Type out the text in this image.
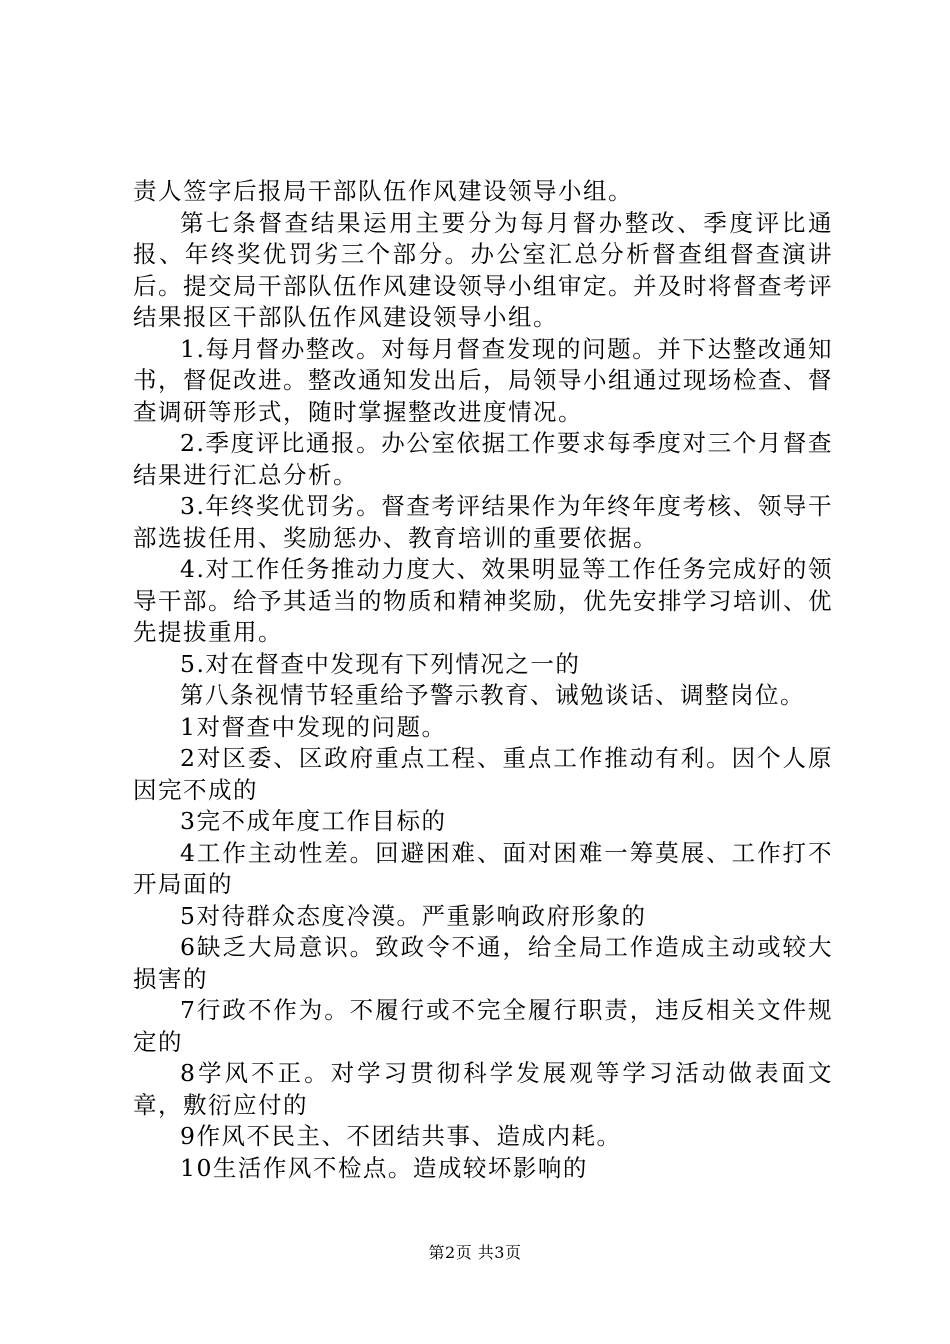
责人签字后报局干部队伍作风建设领导小组。

第七条督查结果运用主要分为每月督办整改、季度评比通报、年终奖优罚劣三个部分。办公室汇总分析督查组督查演讲后。提交局干部队伍作风建设领导小组审定。并及时将督查考评结果报区干部队伍作风建设领导小组。

1.每月督办整改。对每月督查发现的问题。并下达整改通知书，督促改进。整改通知发出后，局领导小组通过现场检查、督查调研等形式，随时掌握整改进度情况。

2.季度评比通报。办公室依据工作要求每季度对三个月督查结果进行汇总分析。

3.年终奖优罚劣。督查考评结果作为年终年度考核、领导干部选拔任用、奖励惩办、教育培训的重要依据。

4.对工作任务推动力度大、效果明显等工作任务完成好的领导干部。给予其适当的物质和精神奖励，优先安排学习培训、优先提拔重用。

5.对在督查中发现有下列情况之一的

第八条视情节轻重给予警示教育、诫勉谈话、调整岗位。

1对督查中发现的问题。

2对区委、区政府重点工程、重点工作推动有利。因个人原因完不成的

3完不成年度工作目标的

4工作主动性差。回避困难、面对困难一筹莫展、工作打不开局面的

5对待群众态度冷漠。严重影响政府形象的

6缺乏大局意识。致政令不通，给全局工作造成主动或较大损害的

7行政不作为。不履行或不完全履行职责，违反相关文件规定的

8学风不正。对学习贯彻科学发展观等学习活动做表面文章，敷衍应付的

9作风不民主、不团结共事、造成内耗。

10生活作风不检点。造成较坏影响的

第2页 共3页
